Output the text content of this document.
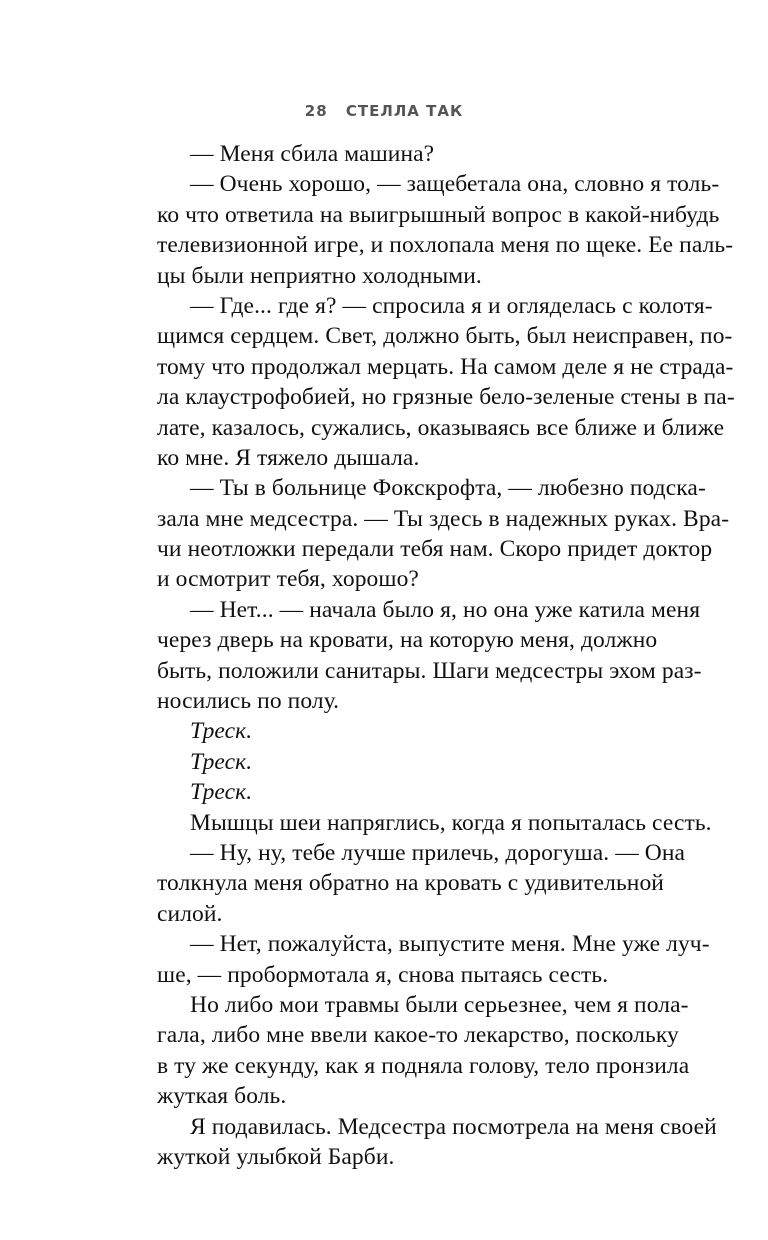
28 СТЕЛЛА ТАК
— Меня сбила машина?
— Очень хорошо, — защебетала она, словно я толь-
ко что ответила на выигрышный вопрос в какой-нибудь
телевизионной игре, и похлопала меня по щеке. Ее паль-
цы были неприятно холодными.
— Где... где я? — спросила я и огляделась с колотя-
щимся сердцем. Свет, должно быть, был неисправен, по-
тому что продолжал мерцать. На самом деле я не страда-
ла клаустрофобией, но грязные бело-зеленые стены в па-
лате, казалось, сужались, оказываясь все ближе и ближе
ко мне. Я тяжело дышала.
— Ты в больнице Фокскрофта, — любезно подска-
зала мне медсестра. — Ты здесь в надежных руках. Вра-
чи неотложки передали тебя нам. Скоро придет доктор
и осмотрит тебя, хорошо?
— Нет... — начала было я, но она уже катила меня
через дверь на кровати, на которую меня, должно
быть, положили санитары. Шаги медсестры эхом раз-
носились по полу.
Треск.
Треск.
Треск.
Мышцы шеи напряглись, когда я попыталась сесть.
— Ну, ну, тебе лучше прилечь, дорогуша. — Она
толкнула меня обратно на кровать с удивительной
силой.
— Нет, пожалуйста, выпустите меня. Мне уже луч-
ше, — пробормотала я, снова пытаясь сесть.
Но либо мои травмы были серьезнее, чем я пола-
гала, либо мне ввели какое-то лекарство, поскольку
в ту же секунду, как я подняла голову, тело пронзила
жуткая боль.
Я подавилась. Медсестра посмотрела на меня своей
жуткой улыбкой Барби.
